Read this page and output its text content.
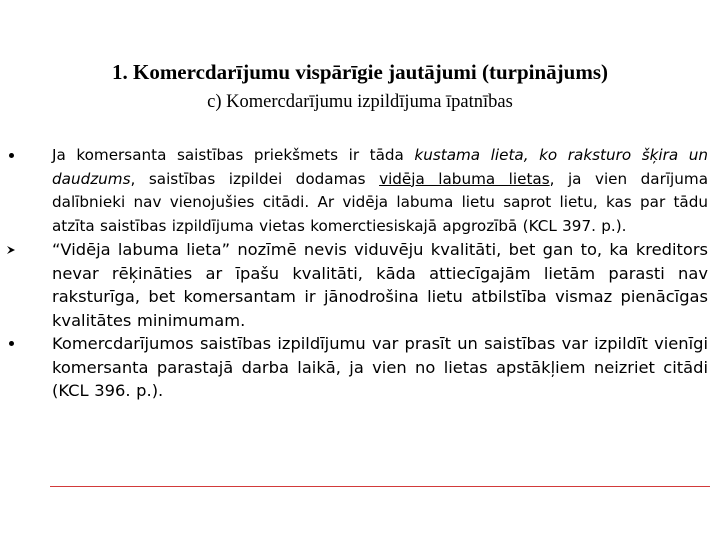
1. Komercdarījumu vispārīgie jautājumi (turpinājums)
c) Komercdarījumu izpildījuma īpatnības
Ja komersanta saistības priekšmets ir tāda kustama lieta, ko raksturo šķira un daudzums, saistības izpildei dodamas vidēja labuma lietas, ja vien darījuma dalībnieki nav vienojušies citādi. Ar vidēja labuma lietu saprot lietu, kas par tādu atzīta saistības izpildījuma vietas komerctiesiskajā apgrozībā (KCL 397. p.).
“Vidēja labuma lieta” nozīmē nevis viduvēju kvalitāti, bet gan to, ka kreditors nevar rēķināties ar īpašu kvalitāti, kāda attiecīgajām lietām parasti nav raksturīga, bet komersantam ir jānodrošina lietu atbilstība vismaz pienācīgas kvalitātes minimumam.
Komercdarījumos saistības izpildījumu var prasīt un saistības var izpildīt vienīgi komersanta parastajā darba laikā, ja vien no lietas apstākļiem neizriet citādi (KCL 396. p.).
